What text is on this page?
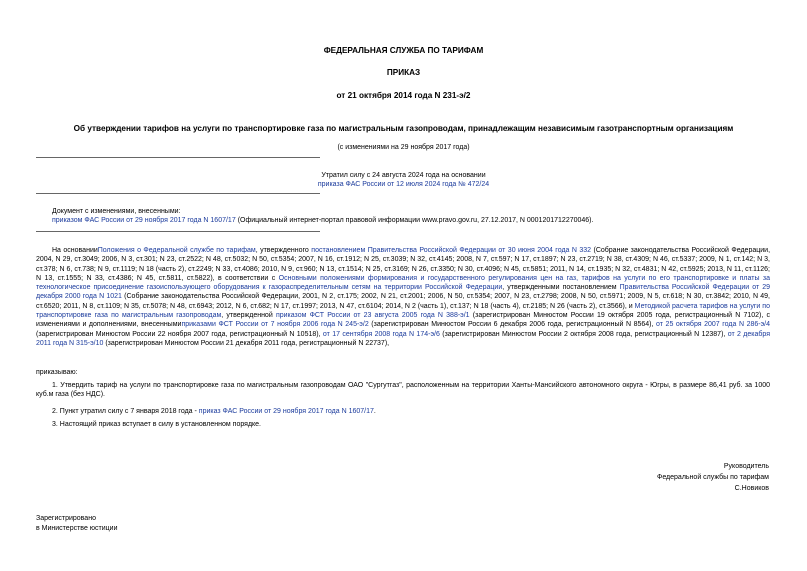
ФЕДЕРАЛЬНАЯ СЛУЖБА ПО ТАРИФАМ
ПРИКАЗ
от 21 октября 2014 года N 231-э/2
Об утверждении тарифов на услуги по транспортировке газа по магистральным газопроводам, принадлежащим независимым газотранспортным организациям
(с изменениями на 29 ноября 2017 года)
Утратил силу с 24 августа 2024 года на основании
приказа ФАС России от 12 июля 2024 года № 472/24
Документ с изменениями, внесенными:
приказом ФАС России от 29 ноября 2017 года N 1607/17 (Официальный интернет-портал правовой информации www.pravo.gov.ru, 27.12.2017, N 0001201712270046).
На основанииПоложения о Федеральной службе по тарифам, утвержденного постановлением Правительства Российской Федерации от 30 июня 2004 года N 332 (Собрание законодательства Российской Федерации, 2004, N 29, ст.3049; 2006, N 3, ст.301; N 23, ст.2522; N 48, ст.5032; N 50, ст.5354; 2007, N 16, ст.1912; N 25, ст.3039; N 32, ст.4145; 2008, N 7, ст.597; N 17, ст.1897; N 23, ст.2719; N 38, ст.4309; N 46, ст.5337; 2009, N 1, ст.142; N 3, ст.378; N 6, ст.738; N 9, ст.1119; N 18 (часть 2), ст.2249; N 33, ст.4086; 2010, N 9, ст.960; N 13, ст.1514; N 25, ст.3169; N 26, ст.3350; N 30, ст.4096; N 45, ст.5851; 2011, N 14, ст.1935; N 32, ст.4831; N 42, ст.5925; 2013, N 11, ст.1126; N 13, ст.1555; N 33, ст.4386; N 45, ст.5811, ст.5822), в соответствии с Основными положениями формирования и государственного регулирования цен на газ, тарифов на услуги по его транспортировке и платы за технологическое присоединение газоиспользующего оборудования к газораспределительным сетям на территории Российской Федерации, утвержденными постановлением Правительства Российской Федерации от 29 декабря 2000 года N 1021 (Собрание законодательства Российской Федерации, 2001, N 2, ст.175; 2002, N 21, ст.2001; 2006, N 50, ст.5354; 2007, N 23, ст.2798; 2008, N 50, ст.5971; 2009, N 5, ст.618; N 30, ст.3842; 2010, N 49, ст.6520; 2011, N 8, ст.1109; N 35, ст.5078; N 48, ст.6943; 2012, N 6, ст.682; N 17, ст.1997; 2013, N 47, ст.6104; 2014, N 2 (часть 1), ст.137; N 18 (часть 4), ст.2185; N 26 (часть 2), ст.3566), и Методикой расчета тарифов на услуги по транспортировке газа по магистральным газопроводам, утвержденной приказом ФСТ России от 23 августа 2005 года N 388-э/1 (зарегистрирован Минюстом России 19 октября 2005 года, регистрационный N 7102), с изменениями и дополнениями, внесеннымиприказами ФСТ России от 7 ноября 2006 года N 245-э/2 (зарегистрирован Минюстом России 6 декабря 2006 года, регистрационный N 8564), от 25 октября 2007 года N 286-э/4 (зарегистрирован Минюстом России 22 ноября 2007 года, регистрационный N 10518), от 17 сентября 2008 года N 174-э/6 (зарегистрирован Минюстом России 2 октября 2008 года, регистрационный N 12387), от 2 декабря 2011 года N 315-э/10 (зарегистрирован Минюстом России 21 декабря 2011 года, регистрационный N 22737),
приказываю:
1. Утвердить тариф на услуги по транспортировке газа по магистральным газопроводам ОАО "Сургутгаз", расположенным на территории Ханты-Мансийского автономного округа - Югры, в размере 86,41 руб. за 1000 куб.м газа (без НДС).
2. Пункт утратил силу с 7 января 2018 года - приказ ФАС России от 29 ноября 2017 года N 1607/17.
3. Настоящий приказ вступает в силу в установленном порядке.
Руководитель
Федеральной службы по тарифам
С.Новиков
Зарегистрировано
в Министерстве юстиции
